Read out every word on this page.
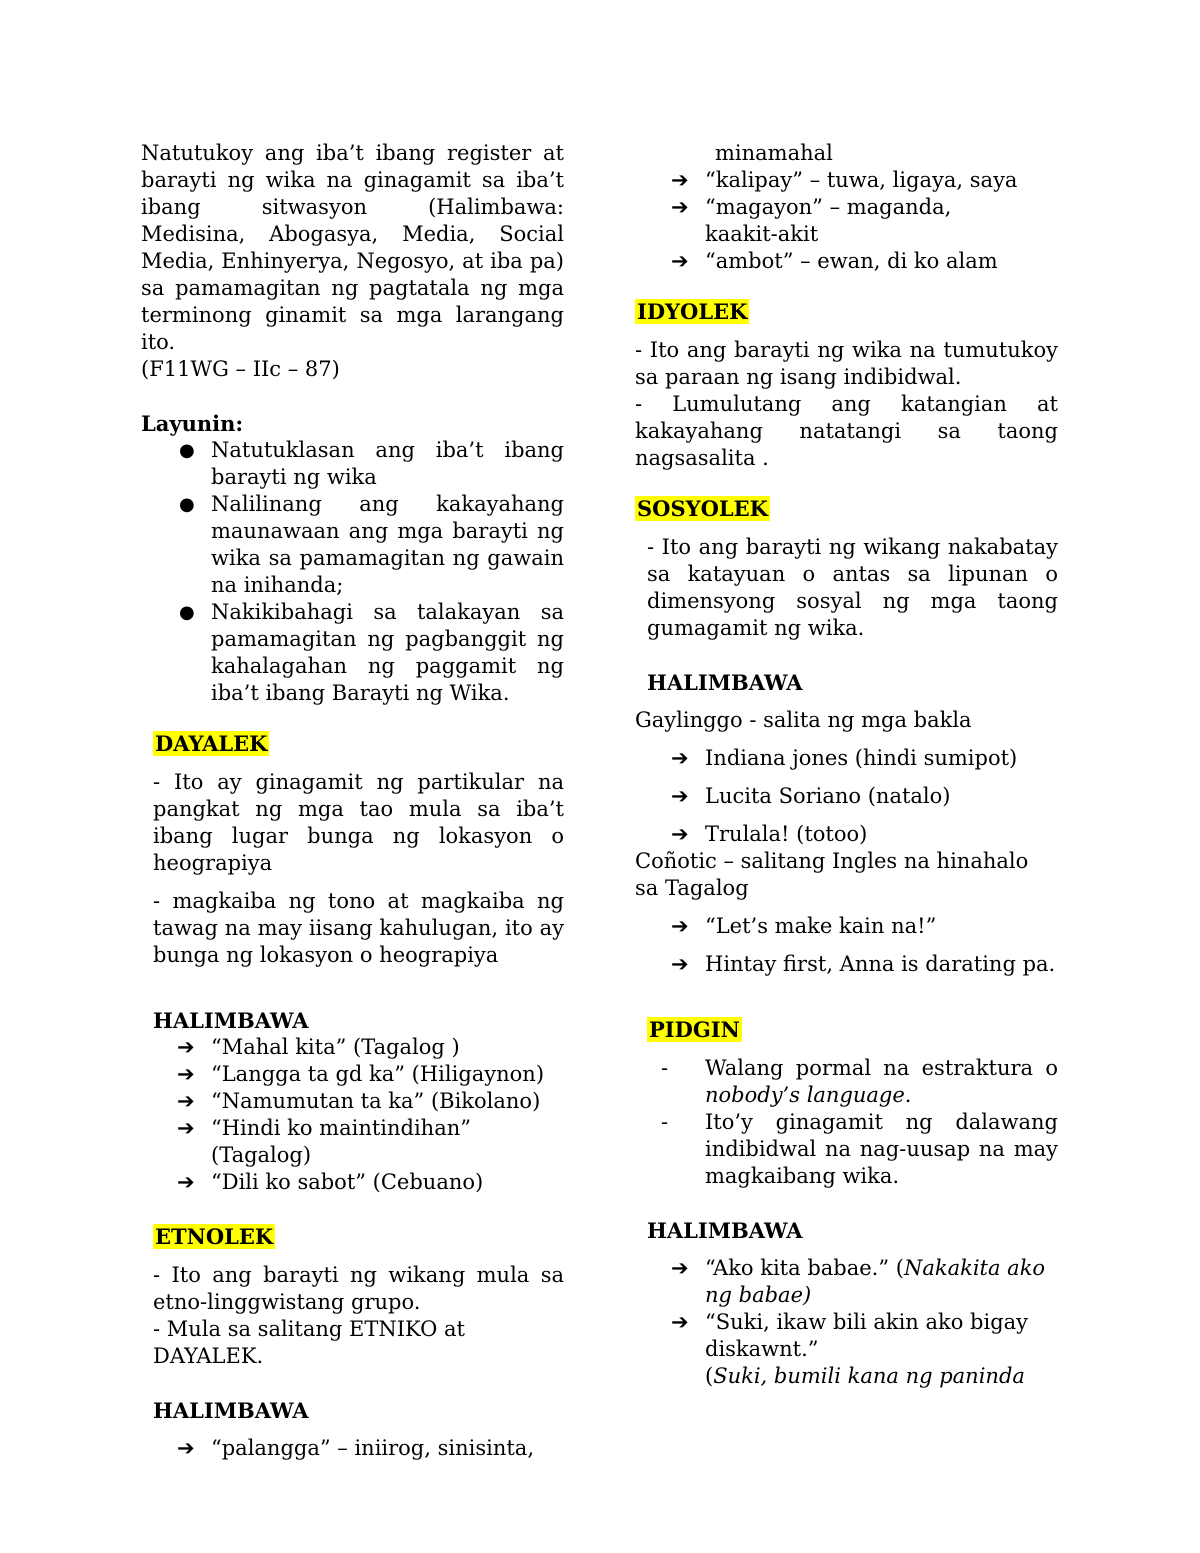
Natutukoy ang iba’t ibang register at barayti ng wika na ginagamit sa iba’t ibang sitwasyon (Halimbawa: Medisina, Abogasya, Media, Social Media, Enhinyerya, Negosyo, at iba pa) sa pamamagitan ng pagtatala ng mga terminong ginamit sa mga larangang ito.

(F11WG – IIc – 87)

Layunin:

● Natutuklasan ang iba’t ibang barayti ng wika
● Nalilinang ang kakayahang maunawaan ang mga barayti ng wika sa pamamagitan ng gawain na inihanda;
● Nakikibahagi sa talakayan sa pamamagitan ng pagbanggit ng kahalagahan ng paggamit ng iba’t ibang Barayti ng Wika.

DAYALEK

- Ito ay ginagamit ng partikular na pangkat ng mga tao mula sa iba’t ibang lugar bunga ng lokasyon o heograpiya

- magkaiba ng tono at magkaiba ng tawag na may iisang kahulugan, ito ay bunga ng lokasyon o heograpiya

HALIMBAWA

➔ “Mahal kita” (Tagalog )
➔ “Langga ta gd ka” (Hiligaynon)
➔ “Namumutan ta ka” (Bikolano)
➔ “Hindi ko maintindihan” (Tagalog)
➔ “Dili ko sabot” (Cebuano)

ETNOLEK

- Ito ang barayti ng wikang mula sa etno-linggwistang grupo.

- Mula sa salitang ETNIKO at

DAYALEK.

HALIMBAWA

➔ “palangga” – iniirog, sinisinta,

minamahal

➔ “kalipay” – tuwa, ligaya, saya
➔ “magayon” – maganda, kaakit-akit
➔ “ambot” – ewan, di ko alam

IDYOLEK

- Ito ang barayti ng wika na tumutukoy sa paraan ng isang indibidwal.

- Lumulutang ang katangian at kakayahang natatangi sa taong nagsasalita .

SOSYOLEK

- Ito ang barayti ng wikang nakabatay sa katayuan o antas sa lipunan o dimensyong sosyal ng mga taong gumagamit ng wika.

HALIMBAWA

Gaylinggo - salita ng mga bakla

➔ Indiana jones (hindi sumipot)
➔ Lucita Soriano (natalo)
➔ Trulala! (totoo)

Coñotic – salitang Ingles na hinahalo sa Tagalog

➔ “Let’s make kain na!”
➔ Hintay first, Anna is darating pa.

PIDGIN

- Walang pormal na estraktura o nobody’s language.
- Ito’y ginagamit ng dalawang indibidwal na nag-uusap na may magkaibang wika.

HALIMBAWA

➔ “Ako kita babae.” (Nakakita ako ng babae)
➔ “Suki, ikaw bili akin ako bigay diskawnt.”

(Suki, bumili kana ng paninda
